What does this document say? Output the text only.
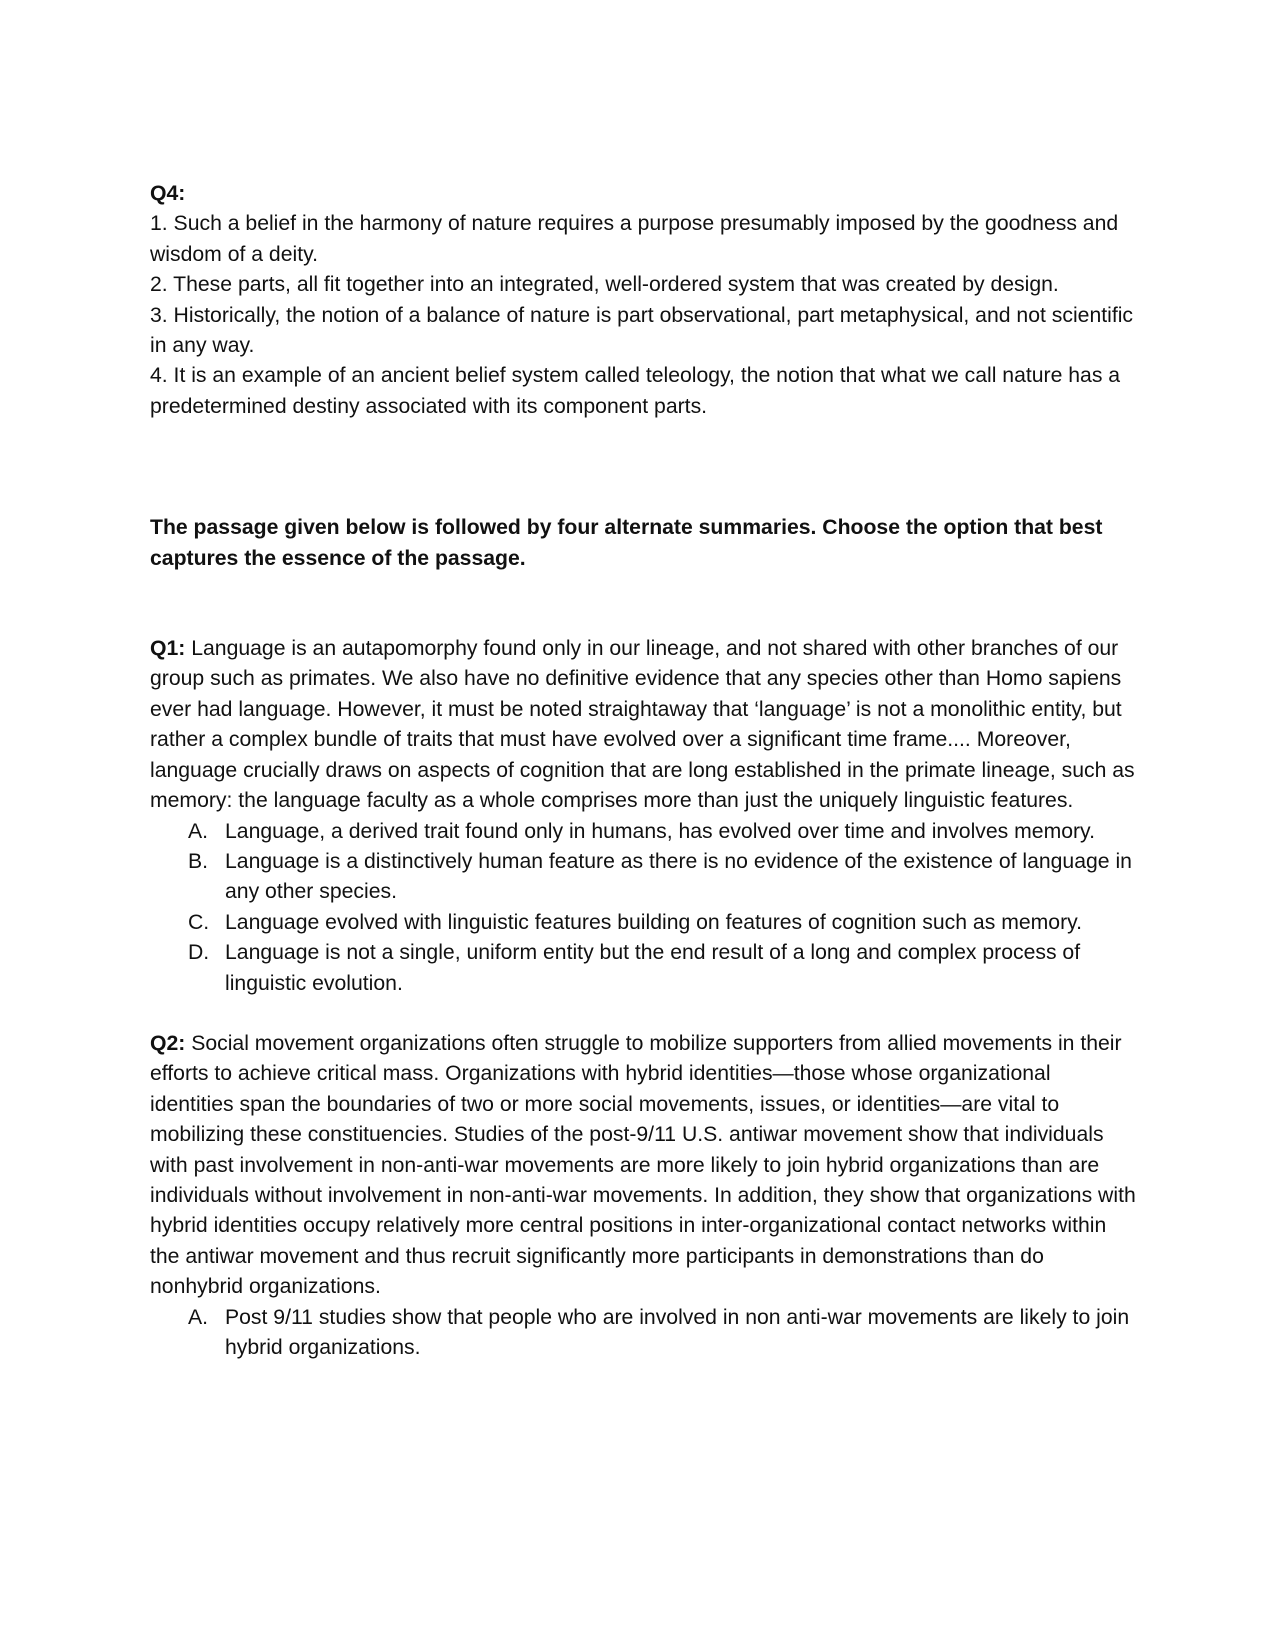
Q4:

1. Such a belief in the harmony of nature requires a purpose presumably imposed by the goodness and wisdom of a deity.
2. These parts, all fit together into an integrated, well-ordered system that was created by design.
3. Historically, the notion of a balance of nature is part observational, part metaphysical, and not scientific in any way.
4. It is an example of an ancient belief system called teleology, the notion that what we call nature has a predetermined destiny associated with its component parts.

The passage given below is followed by four alternate summaries. Choose the option that best captures the essence of the passage.

Q1: Language is an autapomorphy found only in our lineage, and not shared with other branches of our group such as primates. We also have no definitive evidence that any species other than Homo sapiens ever had language. However, it must be noted straightaway that ‘language’ is not a monolithic entity, but rather a complex bundle of traits that must have evolved over a significant time frame.... Moreover, language crucially draws on aspects of cognition that are long established in the primate lineage, such as memory: the language faculty as a whole comprises more than just the uniquely linguistic features.

A. Language, a derived trait found only in humans, has evolved over time and involves memory.
B. Language is a distinctively human feature as there is no evidence of the existence of language in any other species.
C. Language evolved with linguistic features building on features of cognition such as memory.
D. Language is not a single, uniform entity but the end result of a long and complex process of linguistic evolution.

Q2: Social movement organizations often struggle to mobilize supporters from allied movements in their efforts to achieve critical mass. Organizations with hybrid identities—those whose organizational identities span the boundaries of two or more social movements, issues, or identities—are vital to mobilizing these constituencies. Studies of the post-9/11 U.S. antiwar movement show that individuals with past involvement in non-anti-war movements are more likely to join hybrid organizations than are individuals without involvement in non-anti-war movements. In addition, they show that organizations with hybrid identities occupy relatively more central positions in inter-organizational contact networks within the antiwar movement and thus recruit significantly more participants in demonstrations than do nonhybrid organizations.

A. Post 9/11 studies show that people who are involved in non anti-war movements are likely to join hybrid organizations.
